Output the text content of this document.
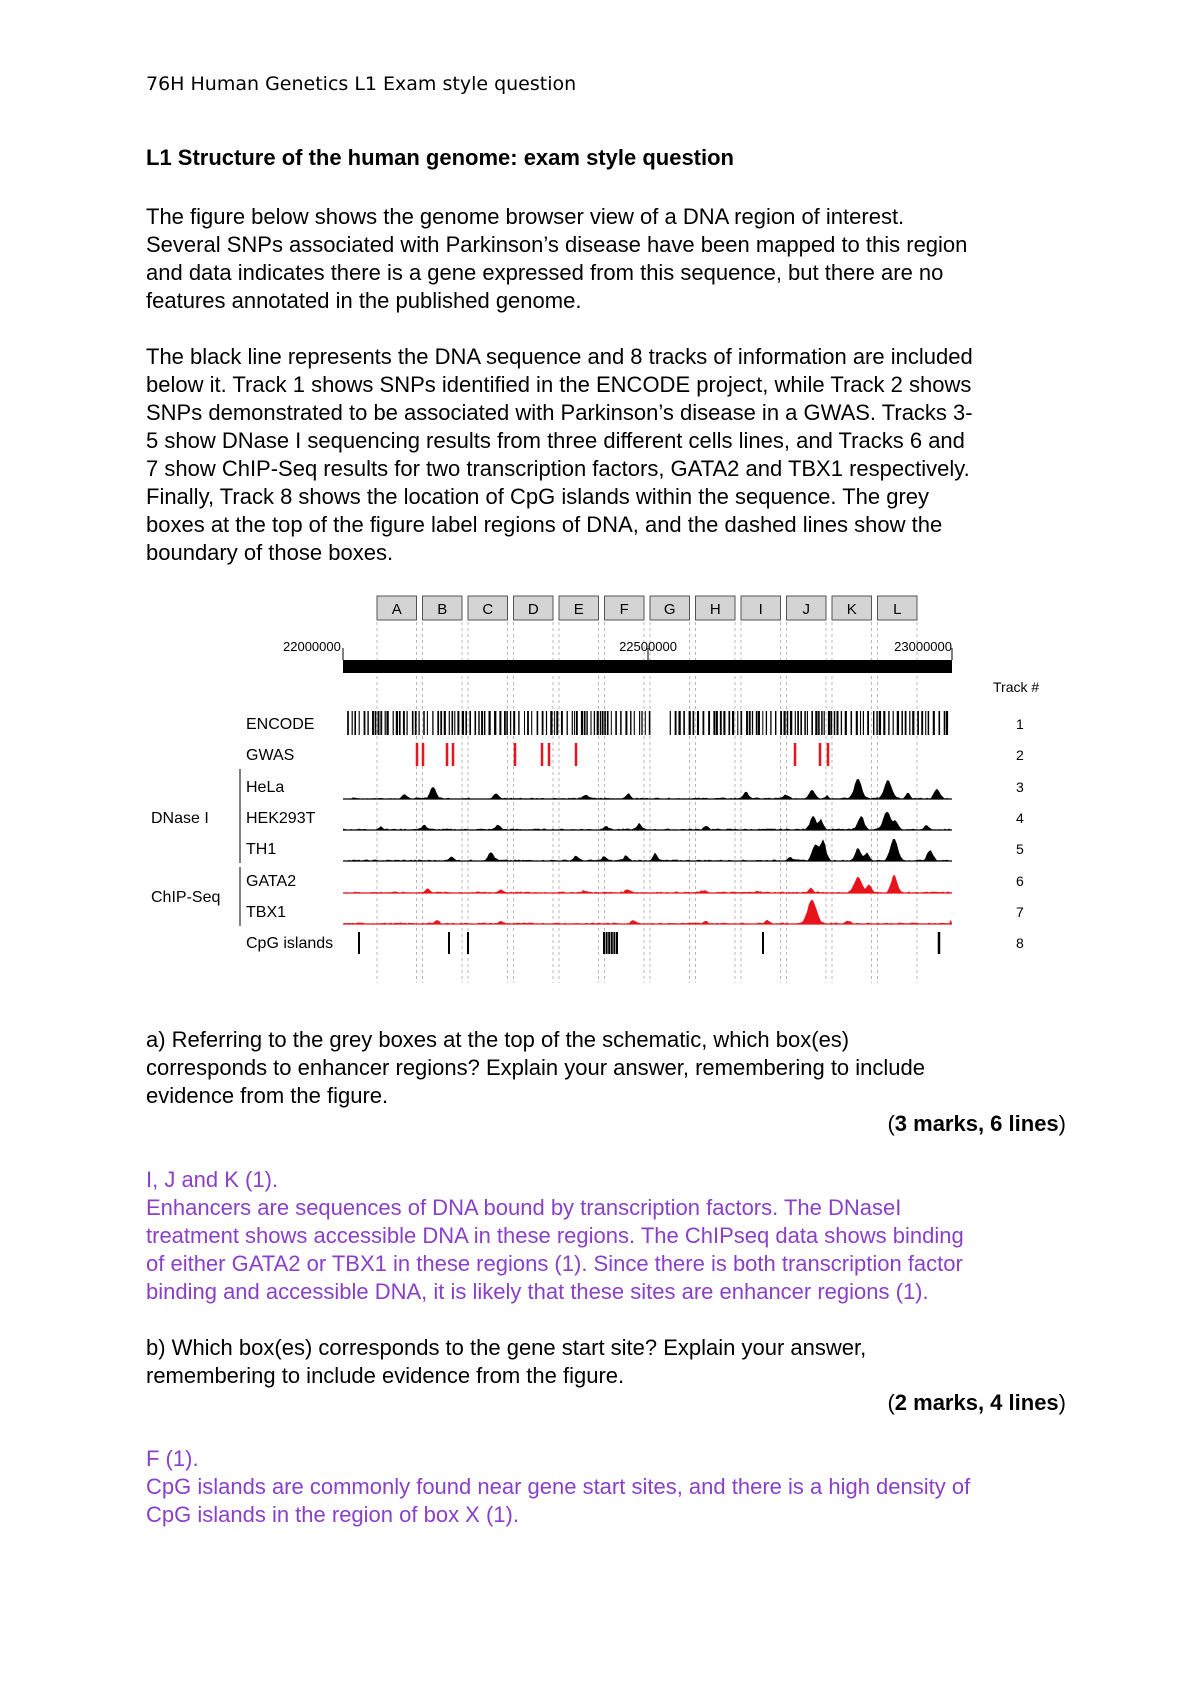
76H Human Genetics L1 Exam style question
L1 Structure of the human genome: exam style question
The figure below shows the genome browser view of a DNA region of interest.
Several SNPs associated with Parkinson’s disease have been mapped to this region
and data indicates there is a gene expressed from this sequence, but there are no
features annotated in the published genome.
The black line represents the DNA sequence and 8 tracks of information are included
below it. Track 1 shows SNPs identified in the ENCODE project, while Track 2 shows
SNPs demonstrated to be associated with Parkinson’s disease in a GWAS. Tracks 3-
5 show DNase I sequencing results from three different cells lines, and Tracks 6 and
7 show ChIP-Seq results for two transcription factors, GATA2 and TBX1 respectively.
Finally, Track 8 shows the location of CpG islands within the sequence. The grey
boxes at the top of the figure label regions of DNA, and the dashed lines show the
boundary of those boxes.
A B C D E F G H	I	J K L
22000000	22500000	23000000
Track #
ENCODE	1
GWAS	2
HeLa	3
HEK293T	4
TH1	5
GATA2	6
TBX1	7
CpG islands	8
DNase I
ChIP-Seq
a) Referring to the grey boxes at the top of the schematic, which box(es)
corresponds to enhancer regions? Explain your answer, remembering to include
evidence from the figure.
(3 marks, 6 lines)
I, J and K (1).
Enhancers are sequences of DNA bound by transcription factors. The DNaseI
treatment shows accessible DNA in these regions. The ChIPseq data shows binding
of either GATA2 or TBX1 in these regions (1). Since there is both transcription factor
binding and accessible DNA, it is likely that these sites are enhancer regions (1).
b) Which box(es) corresponds to the gene start site? Explain your answer,
remembering to include evidence from the figure.
(2 marks, 4 lines)
F (1).
CpG islands are commonly found near gene start sites, and there is a high density of
CpG islands in the region of box X (1).
